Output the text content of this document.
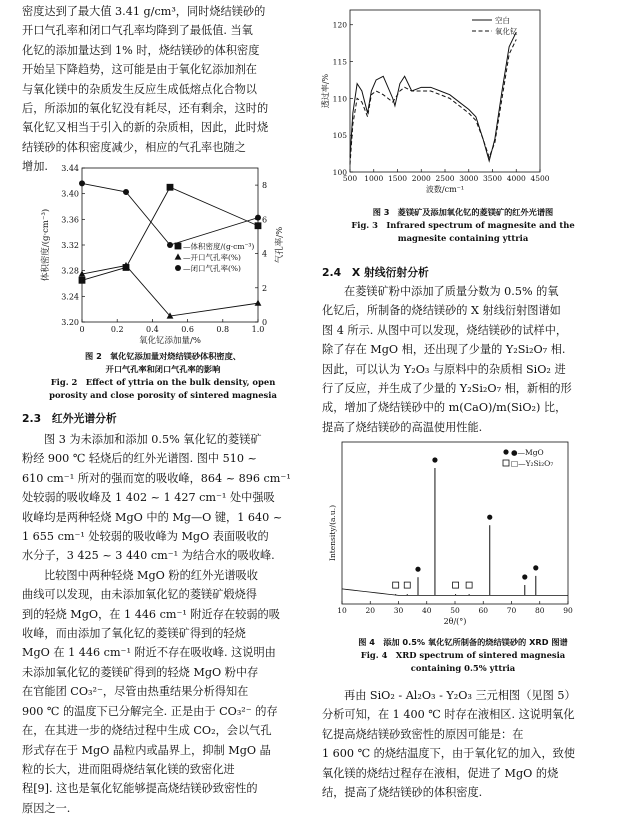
密度达到了最大值 3.41 g/cm³，同时烧结镁砂的

开口气孔率和闭口气孔率均降到了最低值. 当氧

化钇的添加量达到 1% 时，烧结镁砂的体积密度

开始呈下降趋势，这可能是由于氧化钇添加剂在

与氧化镁中的杂质发生反应生成低熔点化合物以

后，所添加的氧化钇没有耗尽，还有剩余，这时的

氧化钇又相当于引入的新的杂质相，因此，此时烧

结镁砂的体积密度减少，相应的气孔率也随之

增加.

0	0.2	0.4	0.6	0.8	1.0
3.20
3.24
3.28
3.32
3.36
3.40
3.44
0
2
4
6
8
氧化钇添加量/%
体积密度/(g·cm⁻³)	气孔率/%
—体积密度/(g·cm⁻³)
—开口气孔率(%)
—闭口气孔率(%)

图 2　氧化钇添加量对烧结镁砂体积密度、

开口气孔率和闭口气孔率的影响

Fig. 2　Effect of yttria on the bulk density, open

porosity and close porosity of sintered magnesia

2.3　红外光谱分析

图 3 为未添加和添加 0.5% 氧化钇的菱镁矿

粉经 900 ℃ 轻烧后的红外光谱图. 图中 510 ~

610 cm⁻¹ 所对的强而宽的吸收峰，864 ~ 896 cm⁻¹

处较弱的吸收峰及 1 402 ~ 1 427 cm⁻¹ 处中强吸

收峰均是两种轻烧 MgO 中的 Mg—O 键，1 640 ~

1 655 cm⁻¹ 处较弱的吸收峰为 MgO 表面吸收的

水分子，3 425 ~ 3 440 cm⁻¹ 为结合水的吸收峰.

比较图中两种轻烧 MgO 粉的红外光谱吸收

曲线可以发现，由未添加氧化钇的菱镁矿煅烧得

到的轻烧 MgO，在 1 446 cm⁻¹ 附近存在较弱的吸

收峰，而由添加了氧化钇的菱镁矿得到的轻烧

MgO 在 1 446 cm⁻¹ 附近不存在吸收峰. 这说明由

未添加氧化钇的菱镁矿得到的轻烧 MgO 粉中存

在官能团 CO₃²⁻，尽管由热重结果分析得知在

900 ℃ 的温度下已分解完全. 正是由于 CO₃²⁻ 的存

在，在其进一步的烧结过程中生成 CO₂，会以气孔

形式存在于 MgO 晶粒内或晶界上，抑制 MgO 晶

粒的长大，进而阻碍烧结氧化镁的致密化进

程[9]. 这也是氧化钇能够提高烧结镁砂致密性的

原因之一.

500 1000 1500 2000 2500 3000 3500 4000 4500
100
105
110
115
120
波数/cm⁻¹
透过率/%
空白
氧化钇

图 3　菱镁矿及添加氧化钇的菱镁矿的红外光谱图

Fig. 3　Infrared spectrum of magnesite and the

magnesite containing yttria

2.4　X 射线衍射分析

在菱镁矿粉中添加了质量分数为 0.5% 的氧

化钇后，所制备的烧结镁砂的 X 射线衍射图谱如

图 4 所示. 从图中可以发现，烧结镁砂的试样中，

除了存在 MgO 相，还出现了少量的 Y₂Si₂O₇ 相.

因此，可以认为 Y₂O₃ 与原料中的杂质相 SiO₂ 进

行了反应，并生成了少量的 Y₂Si₂O₇ 相，新相的形

成，增加了烧结镁砂中的 m(CaO)/m(SiO₂) 比，

提高了烧结镁砂的高温使用性能.

10 20 30 40 50 60 70 80 90
2θ/(°)
Intensity/(a.u.)
●—MgO
□—Y₂Si₂O₇

图 4　添加 0.5% 氧化钇所制备的烧结镁砂的 XRD 图谱

Fig. 4　XRD spectrum of sintered magnesia

containing 0.5% yttria

再由 SiO₂ - Al₂O₃ - Y₂O₃ 三元相图（见图 5）

分析可知，在 1 400 ℃ 时存在液相区. 这说明氧化

钇提高烧结镁砂致密性的原因可能是：在

1 600 ℃ 的烧结温度下，由于氧化钇的加入，致使

氧化镁的烧结过程存在液相，促进了 MgO 的烧

结，提高了烧结镁砂的体积密度.
